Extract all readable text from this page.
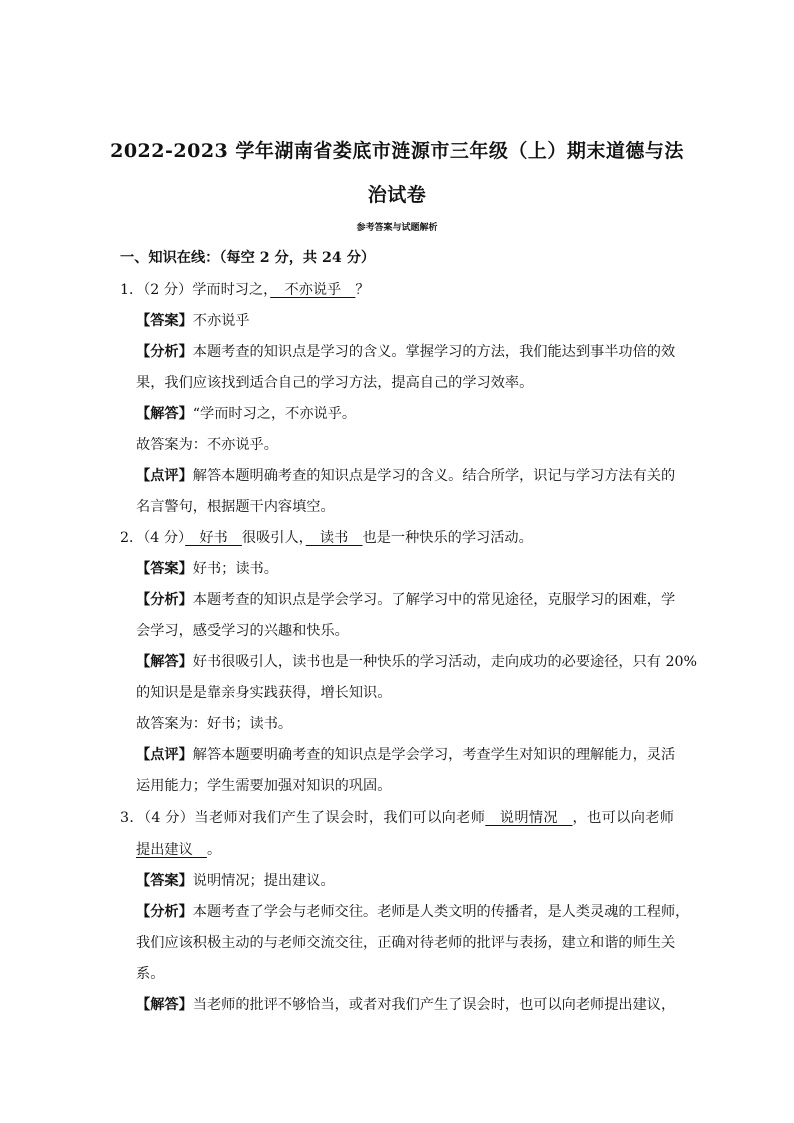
2022-2023 学年湖南省娄底市涟源市三年级（上）期末道德与法
治试卷
参考答案与试题解析
一、知识在线：（每空 2 分，共 24 分）
1．（2 分）学而时习之，　不亦说乎　？
【答案】不亦说乎
【分析】本题考查的知识点是学习的含义。掌握学习的方法，我们能达到事半功倍的效
果，我们应该找到适合自己的学习方法，提高自己的学习效率。
【解答】“学而时习之，不亦说乎。
故答案为：不亦说乎。
【点评】解答本题明确考查的知识点是学习的含义。结合所学，识记与学习方法有关的
名言警句，根据题干内容填空。
2．（4 分）　好书　很吸引人，　读书　也是一种快乐的学习活动。
【答案】好书；读书。
【分析】本题考查的知识点是学会学习。了解学习中的常见途径，克服学习的困难，学
会学习，感受学习的兴趣和快乐。
【解答】好书很吸引人，读书也是一种快乐的学习活动，走向成功的必要途径，只有 20%
的知识是是靠亲身实践获得，增长知识。
故答案为：好书；读书。
【点评】解答本题要明确考查的知识点是学会学习，考查学生对知识的理解能力，灵活
运用能力；学生需要加强对知识的巩固。
3．（4 分）当老师对我们产生了误会时，我们可以向老师　说明情况　，也可以向老师
提出建议　。
【答案】说明情况；提出建议。
【分析】本题考查了学会与老师交往。老师是人类文明的传播者，是人类灵魂的工程师，
我们应该积极主动的与老师交流交往，正确对待老师的批评与表扬，建立和谐的师生关
系。
【解答】当老师的批评不够恰当，或者对我们产生了误会时，也可以向老师提出建议，
